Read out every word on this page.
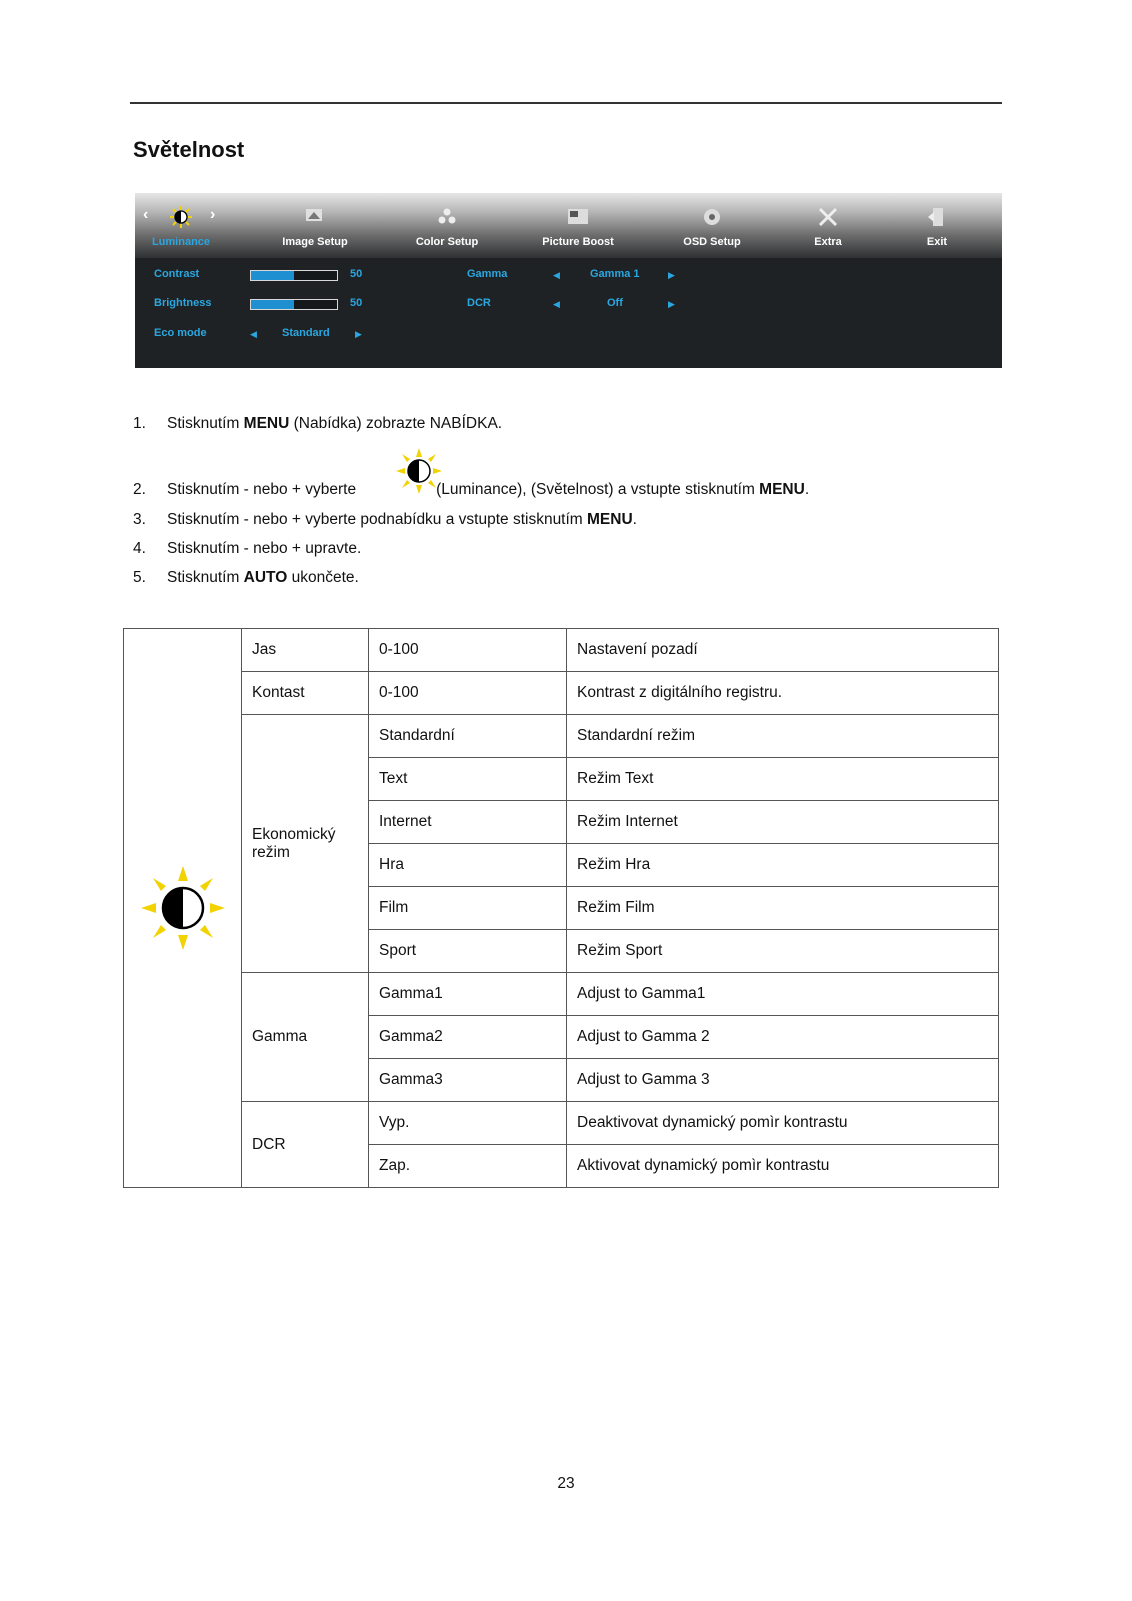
Světelnost
‹	›
Luminance	Image Setup	Color Setup	Picture Boost	OSD Setup	Extra	Exit
Contrast	50
Brightness	50
Eco mode	◀ Standard	▶
Gamma	◀	Gamma 1	▶
DCR	◀	Off	▶
1. Stisknutím MENU (Nabídka) zobrazte NABÍDKA.
2. Stisknutím - nebo + vyberte	(Luminance), (Světelnost) a vstupte stisknutím MENU.
3. Stisknutím - nebo + vyberte podnabídku a vstupte stisknutím MENU.
4. Stisknutím - nebo + upravte.
5. Stisknutím AUTO ukončete.
	Jas	0-100	Nastavení pozadí
	Kontast	0-100	Kontrast z digitálního registru.
	Ekonomický režim	Standardní	Standardní režim
		Text	Režim Text
		Internet	Režim Internet
		Hra	Režim Hra
		Film	Režim Film
		Sport	Režim Sport
	Gamma	Gamma1	Adjust to Gamma1
		Gamma2	Adjust to Gamma 2
		Gamma3	Adjust to Gamma 3
	DCR	Vyp.	Deaktivovat dynamický pomìr kontrastu
		Zap.	Aktivovat dynamický pomìr kontrastu
23
